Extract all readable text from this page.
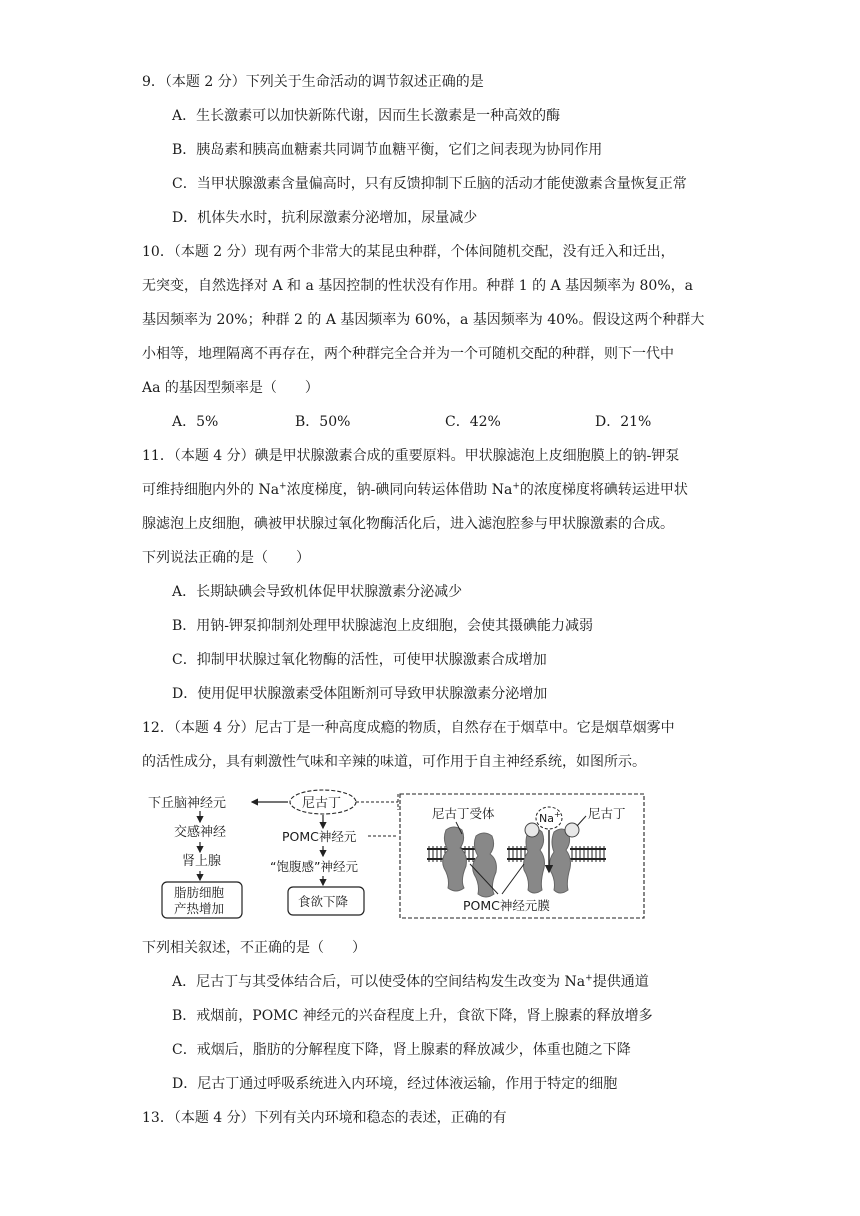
9．（本题 2 分）下列关于生命活动的调节叙述正确的是
A．生长激素可以加快新陈代谢，因而生长激素是一种高效的酶
B．胰岛素和胰高血糖素共同调节血糖平衡，它们之间表现为协同作用
C．当甲状腺激素含量偏高时，只有反馈抑制下丘脑的活动才能使激素含量恢复正常
D．机体失水时，抗利尿激素分泌增加，尿量减少
10．（本题 2 分）现有两个非常大的某昆虫种群，个体间随机交配，没有迁入和迁出，
无突变，自然选择对 A 和 a 基因控制的性状没有作用。种群 1 的 A 基因频率为 80%，a
基因频率为 20%；种群 2 的 A 基因频率为 60%，a 基因频率为 40%。假设这两个种群大
小相等，地理隔离不再存在，两个种群完全合并为一个可随机交配的种群，则下一代中
Aa 的基因型频率是（　　）
A．5%	B．50%	C．42%	D．21%
11．（本题 4 分）碘是甲状腺激素合成的重要原料。甲状腺滤泡上皮细胞膜上的钠-钾泵
可维持细胞内外的 Na+浓度梯度，钠-碘同向转运体借助 Na+的浓度梯度将碘转运进甲状
腺滤泡上皮细胞，碘被甲状腺过氧化物酶活化后，进入滤泡腔参与甲状腺激素的合成。
下列说法正确的是（　　）
A．长期缺碘会导致机体促甲状腺激素分泌减少
B．用钠-钾泵抑制剂处理甲状腺滤泡上皮细胞，会使其摄碘能力减弱
C．抑制甲状腺过氧化物酶的活性，可使甲状腺激素合成增加
D．使用促甲状腺激素受体阻断剂可导致甲状腺激素分泌增加
12．（本题 4 分）尼古丁是一种高度成瘾的物质，自然存在于烟草中。它是烟草烟雾中
的活性成分，具有刺激性气味和辛辣的味道，可作用于自主神经系统，如图所示。
下丘脑神经元
交感神经
肾上腺
脂肪细胞
产热增加
尼古丁
POMC神经元
“饱腹感”神经元
食欲下降
Na+
尼古丁受体	尼古丁
POMC神经元膜
下列相关叙述，不正确的是（　　）
A．尼古丁与其受体结合后，可以使受体的空间结构发生改变为 Na+提供通道
B．戒烟前，POMC 神经元的兴奋程度上升，食欲下降，肾上腺素的释放增多
C．戒烟后，脂肪的分解程度下降，肾上腺素的释放减少，体重也随之下降
D．尼古丁通过呼吸系统进入内环境，经过体液运输，作用于特定的细胞
13．（本题 4 分）下列有关内环境和稳态的表述，正确的有
